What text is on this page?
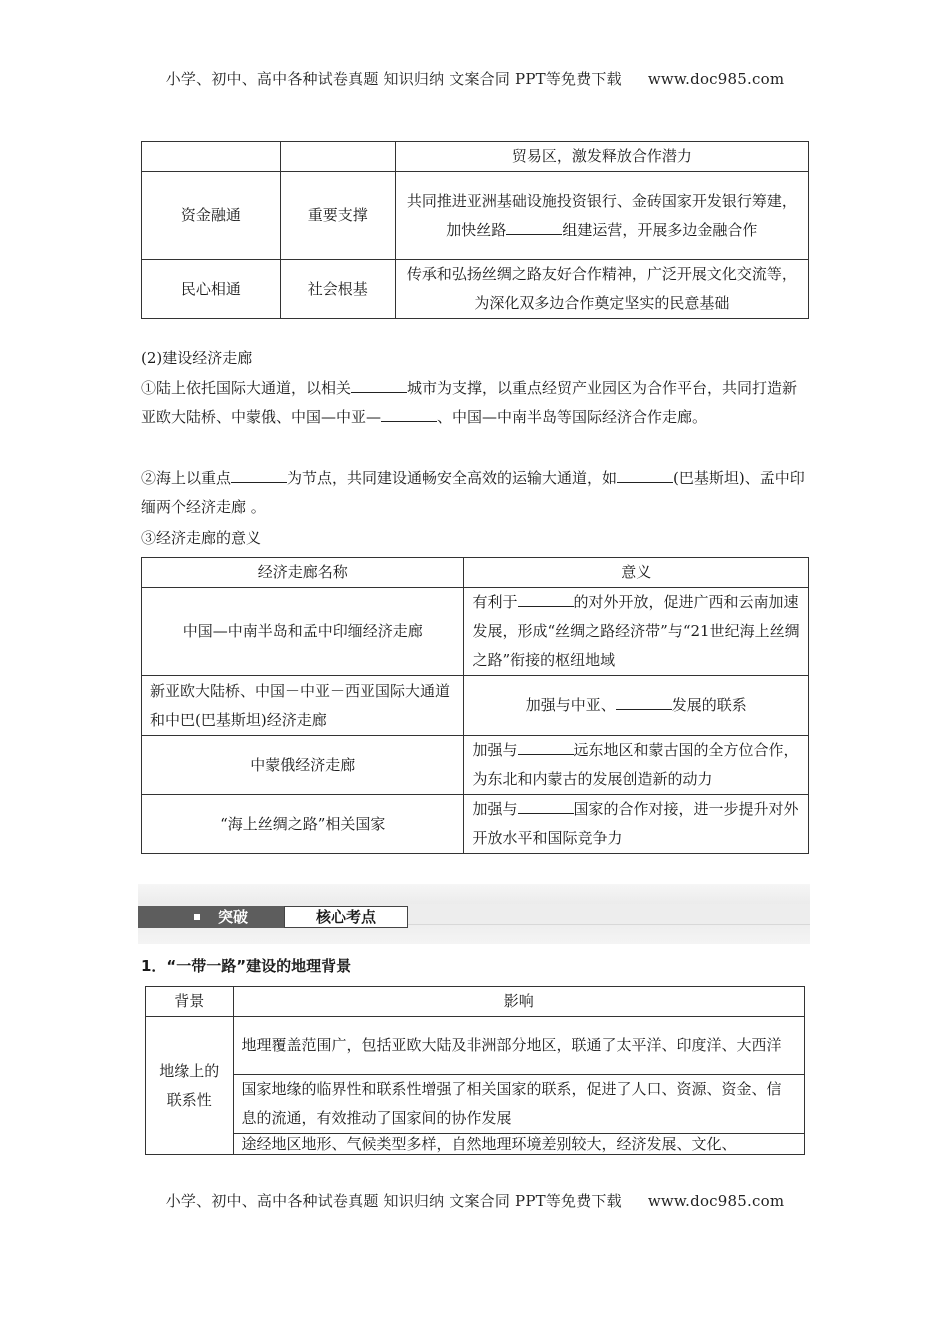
小学、初中、高中各种试卷真题 知识归纳 文案合同 PPT等免费下载 www.doc985.com
		贸易区，激发释放合作潜力
资金融通	重要支撑	共同推进亚洲基础设施投资银行、金砖国家开发银行筹建，加快丝路 组建运营，开展多边金融合作
民心相通	社会根基	传承和弘扬丝绸之路友好合作精神，广泛开展文化交流等，为深化双多边合作奠定坚实的民意基础
(2)建设经济走廊
①陆上依托国际大通道，以相关	城市为支撑，以重点经贸产业园区为合作平台，共同打造新亚欧大陆桥、中蒙俄、中国—中亚—	、中国—中南半岛等国际经济合作走廊。
②海上以重点	为节点，共同建设通畅安全高效的运输大通道，如	(巴基斯坦)、孟中印缅两个经济走廊 。
③经济走廊的意义
经济走廊名称	意义
中国—中南半岛和孟中印缅经济走廊	有利于 的对外开放，促进广西和云南加速发展，形成“丝绸之路经济带”与“21世纪海上丝绸之路”衔接的枢纽地域
新亚欧大陆桥、中国－中亚－西亚国际大通道和中巴(巴基斯坦)经济走廊	加强与中亚、 发展的联系
中蒙俄经济走廊	加强与 远东地区和蒙古国的全方位合作，为东北和内蒙古的发展创造新的动力
“海上丝绸之路”相关国家	加强与 国家的合作对接，进一步提升对外开放水平和国际竞争力
突破	核心考点
1．“一带一路”建设的地理背景
背景	影响
地缘上的联系性	地理覆盖范围广，包括亚欧大陆及非洲部分地区，联通了太平洋、印度洋、大西洋
	国家地缘的临界性和联系性增强了相关国家的联系，促进了人口、资源、资金、信息的流通，有效推动了国家间的协作发展
	途经地区地形、气候类型多样，自然地理环境差别较大，经济发展、文化、
小学、初中、高中各种试卷真题 知识归纳 文案合同 PPT等免费下载 www.doc985.com
